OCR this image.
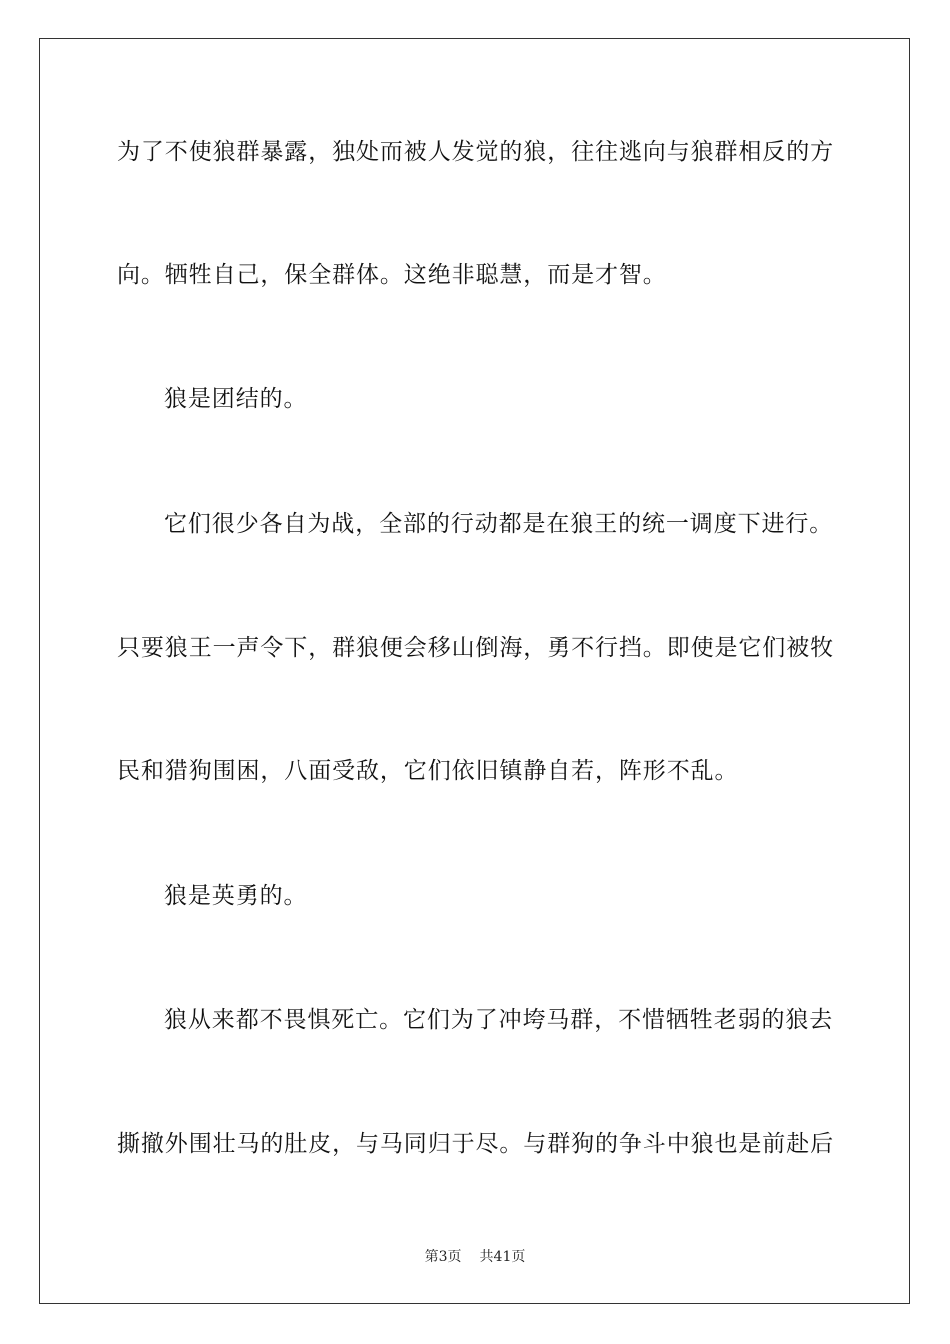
为了不使狼群暴露，独处而被人发觉的狼，往往逃向与狼群相反的方
向。牺牲自己，保全群体。这绝非聪慧，而是才智。
狼是团结的。
它们很少各自为战，全部的行动都是在狼王的统一调度下进行。
只要狼王一声令下，群狼便会移山倒海，勇不行挡。即使是它们被牧
民和猎狗围困，八面受敌，它们依旧镇静自若，阵形不乱。
狼是英勇的。
狼从来都不畏惧死亡。它们为了冲垮马群，不惜牺牲老弱的狼去
撕撤外围壮马的肚皮，与马同归于尽。与群狗的争斗中狼也是前赴后
第3页 共41页
